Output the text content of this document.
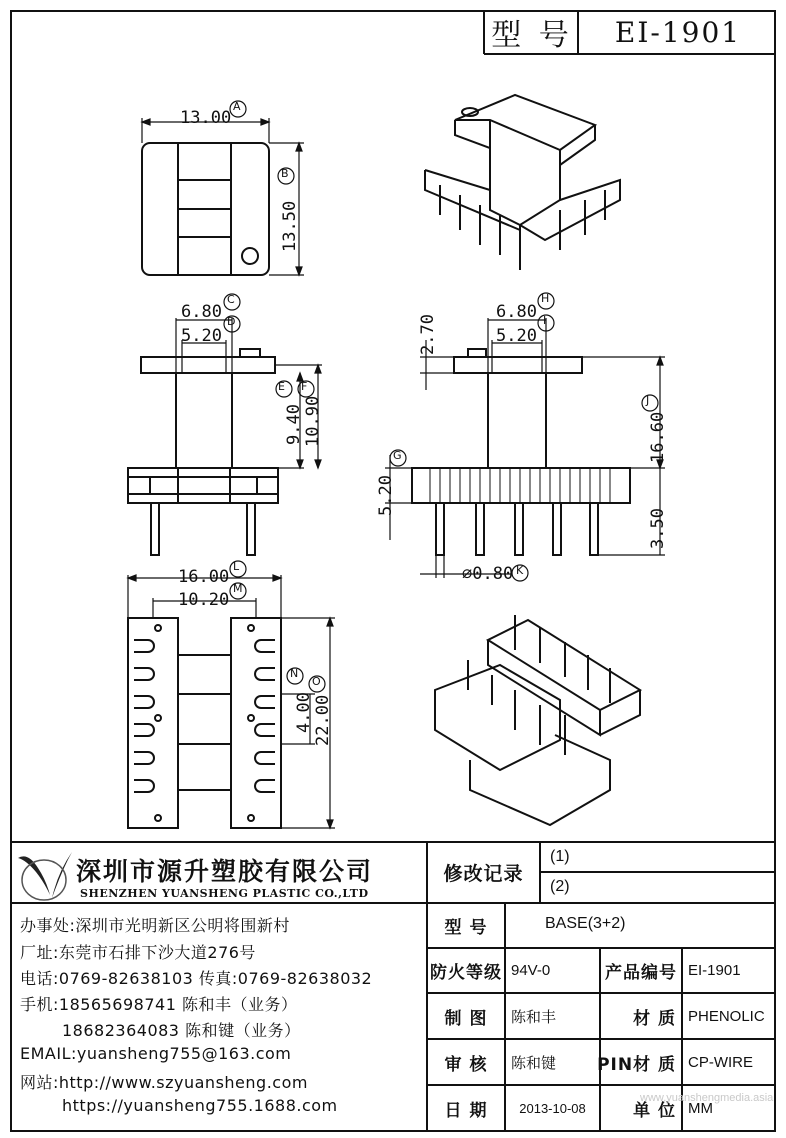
型 号	EI-1901
13.00
A
B
13.50
6.80
C
5.20
D
E F
9.40 10.90
6.80
H
5.20
I
2.70
J
16.60
G
5.20
3.50
⌀0.80 K
16.00
L
10.20
M
N
O
4.00 22.00
深圳市源升塑胶有限公司
SHENZHEN YUANSHENG PLASTIC CO.,LTD
办事处:深圳市光明新区公明将围新村
厂址:东莞市石排下沙大道276号
电话:0769-82638103 传真:0769-82638032
手机:18565698741 陈和丰（业务）
18682364083 陈和键（业务）
EMAIL:yuansheng755@163.com
网站:http://www.szyuansheng.com
https://yuansheng755.1688.com
修改记录
(1)
(2)
型 号	BASE(3+2)
防火等级 94V-0	产品编号 EI-1901
制 图	陈和丰	材 质 PHENOLIC
审 核	陈和键	PIN材 质 CP-WIRE
日 期	2013-10-08	单 位 MM
www.yuanshengmedia.asia
